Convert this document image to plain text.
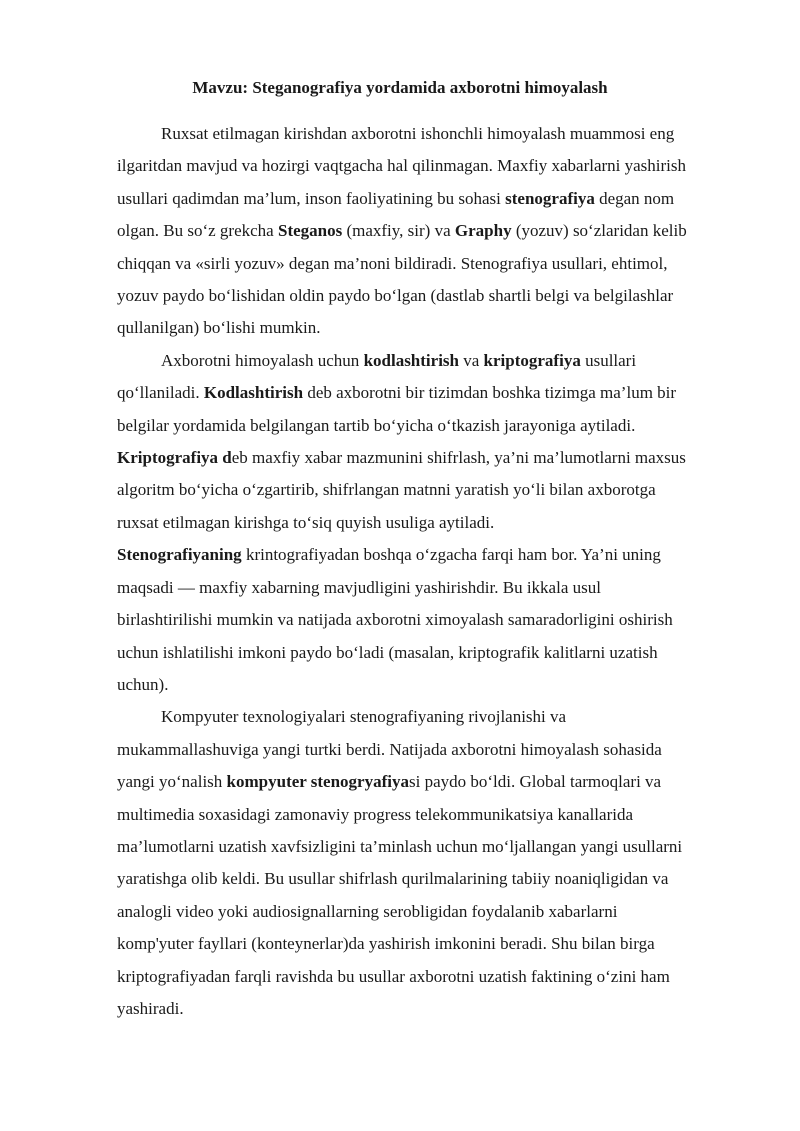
Mavzu: Steganografiya yordamida axborotni himoyalash

Ruxsat etilmagan kirishdan axborotni ishonchli himoyalash muammosi eng

ilgaritdan mavjud va hozirgi vaqtgacha hal qilinmagan. Maxfiy xabarlarni yashirish

usullari qadimdan ma’lum, inson faoliyatining bu sohasi stenografiya degan nom

olgan. Bu so‘z grekcha Steganos (maxfiy, sir) va Graphy (yozuv) so‘zlaridan kelib

chiqqan va «sirli yozuv» degan ma’noni bildiradi. Stenografiya usullari, ehtimol,

yozuv paydo bo‘lishidan oldin paydo bo‘lgan (dastlab shartli belgi va belgilashlar

qullanilgan) bo‘lishi mumkin.

Axborotni himoyalash uchun kodlashtirish va kriptografiya usullari

qo‘llaniladi. Kodlashtirish deb axborotni bir tizimdan boshka tizimga ma’lum bir

belgilar yordamida belgilangan tartib bo‘yicha o‘tkazish jarayoniga aytiladi.

Kriptografiya deb maxfiy xabar mazmunini shifrlash, ya’ni ma’lumotlarni maxsus

algoritm bo‘yicha o‘zgartirib, shifrlangan matnni yaratish yo‘li bilan axborotga

ruxsat etilmagan kirishga to‘siq quyish usuliga aytiladi.

Stenografiyaning krintografiyadan boshqa o‘zgacha farqi ham bor. Ya’ni uning

maqsadi — maxfiy xabarning mavjudligini yashirishdir. Bu ikkala usul

birlashtirilishi mumkin va natijada axborotni ximoyalash samaradorligini oshirish

uchun ishlatilishi imkoni paydo bo‘ladi (masalan, kriptografik kalitlarni uzatish

uchun).

Kompyuter texnologiyalari stenografiyaning rivojlanishi va

mukammallashuviga yangi turtki berdi. Natijada axborotni himoyalash sohasida

yangi yo‘nalish kompyuter stenogryafiyasi paydo bo‘ldi. Global tarmoqlari va

multimedia soxasidagi zamonaviy progress telekommunikatsiya kanallarida

ma’lumotlarni uzatish xavfsizligini ta’minlash uchun mo‘ljallangan yangi usullarni

yaratishga olib keldi. Bu usullar shifrlash qurilmalarining tabiiy noaniqligidan va

analogli video yoki audiosignallarning serobligidan foydalanib xabarlarni

komp'yuter fayllari (konteynerlar)da yashirish imkonini beradi. Shu bilan birga

kriptografiyadan farqli ravishda bu usullar axborotni uzatish faktining o‘zini ham

yashiradi.
